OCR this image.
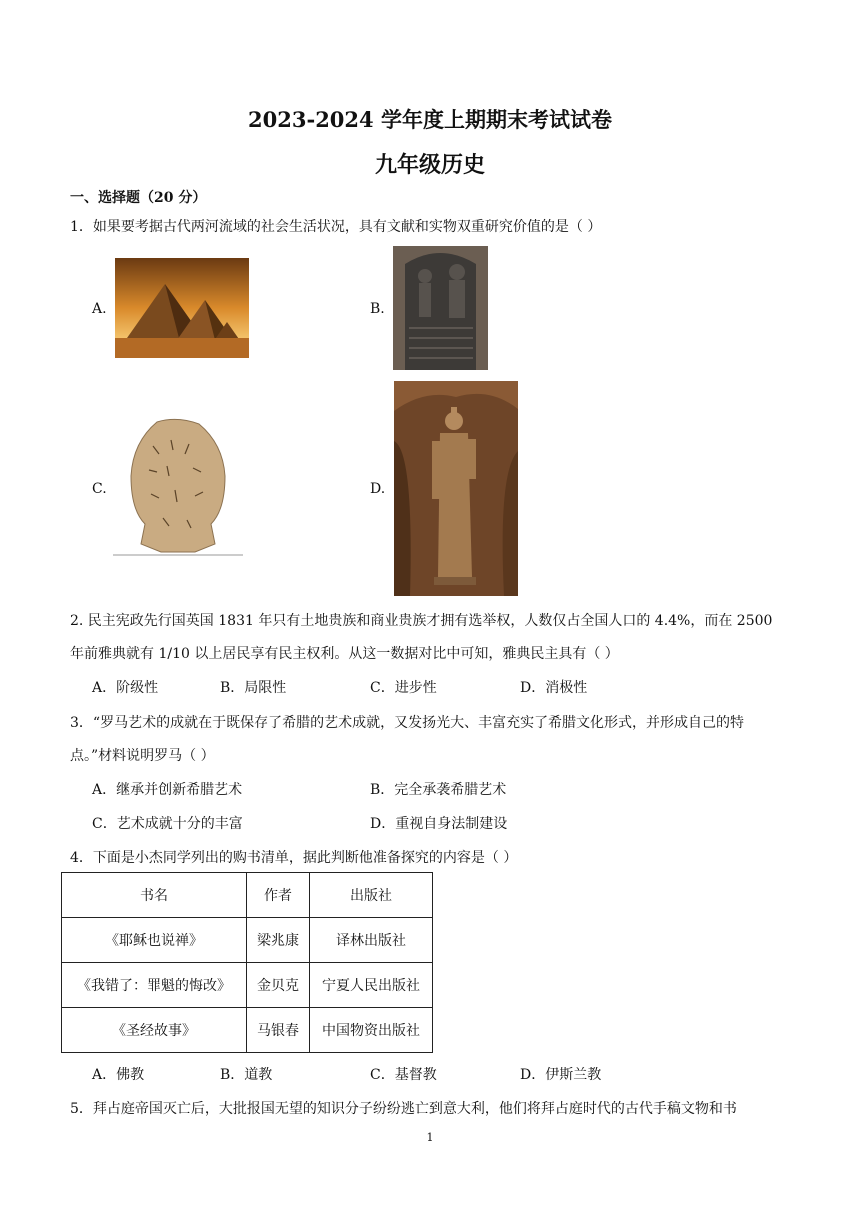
2023-2024 学年度上期期末考试试卷
九年级历史
一、选择题（20 分）
1．如果要考据古代两河流域的社会生活状况，具有文献和实物双重研究价值的是（ ）
A.	B.
C.	D.
2. 民主宪政先行国英国 1831 年只有土地贵族和商业贵族才拥有选举权，人数仅占全国人口的 4.4%，而在 2500
年前雅典就有 1/10 以上居民享有民主权利。从这一数据对比中可知，雅典民主具有（ ）
A．阶级性	B．局限性	C．进步性	D．消极性
3．“罗马艺术的成就在于既保存了希腊的艺术成就，又发扬光大、丰富充实了希腊文化形式，并形成自己的特
点。”材料说明罗马（ ）
A．继承并创新希腊艺术	B．完全承袭希腊艺术
C．艺术成就十分的丰富	D．重视自身法制建设
4．下面是小杰同学列出的购书清单，据此判断他准备探究的内容是（ ）
书名	作者	出版社
《耶稣也说禅》	梁兆康	译林出版社
《我错了：罪魁的悔改》	金贝克	宁夏人民出版社
《圣经故事》	马银春	中国物资出版社
A．佛教	B．道教	C．基督教	D．伊斯兰教
5．拜占庭帝国灭亡后，大批报国无望的知识分子纷纷逃亡到意大利，他们将拜占庭时代的古代手稿文物和书
1
